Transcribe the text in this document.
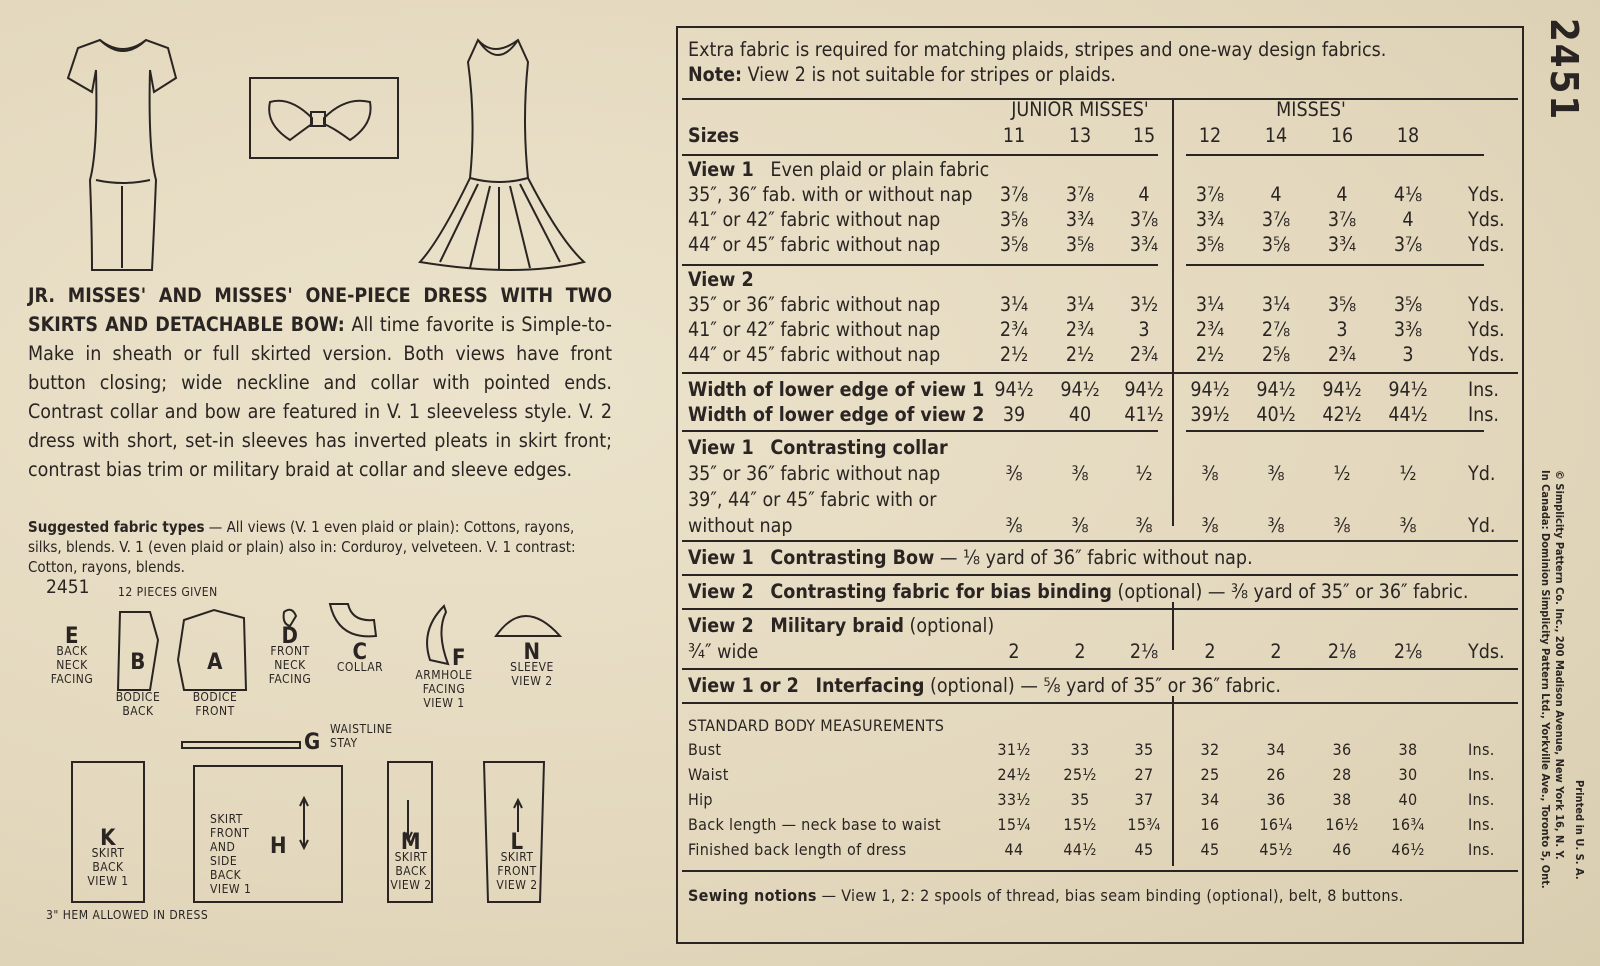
JR. MISSES' AND MISSES' ONE-PIECE DRESS WITH TWO SKIRTS AND DETACHABLE BOW: All time favorite is Simple-to-Make in sheath or full skirted version. Both views have front button closing; wide neckline and collar with pointed ends. Contrast collar and bow are featured in V. 1 sleeveless style. V. 2 dress with short, set-in sleeves has inverted pleats in skirt front; contrast bias trim or military braid at collar and sleeve edges.
Suggested fabric types — All views (V. 1 even plaid or plain): Cottons, rayons, silks, blends. V. 1 (even plaid or plain) also in: Corduroy, velveteen. V. 1 contrast: Cotton, rayons, blends.
2451 12 PIECES GIVEN
E
BACK
NECK
FACING
B
BODICE
BACK
A
BODICE
FRONT
D
FRONT
NECK
FACING
C
COLLAR
ARMHOLE
FACING
VIEW 1
F	N
SLEEVE
VIEW 2
G
WAISTLINE
STAY
K
SKIRT
BACK
VIEW 1
SKIRT
FRONT
AND
SIDE
BACK
VIEW 1
H	M
SKIRT
BACK
VIEW 2
L
SKIRT
FRONT
VIEW 2
3" HEM ALLOWED IN DRESS
Extra fabric is required for matching plaids, stripes and one-way design fabrics.
Note: View 2 is not suitable for stripes or plaids.
JUNIOR MISSES'	MISSES'
Sizes	11	13	15	12	14	16	18
View 1 Even plaid or plain fabric
35″, 36″ fab. with or without nap	3⅞	3⅞	4	3⅞	4	4	4⅛	Yds.
41″ or 42″ fabric without nap	3⅝	3¾	3⅞	3¾	3⅞	3⅞	4	Yds.
44″ or 45″ fabric without nap	3⅝	3⅝	3¾	3⅝	3⅝	3¾	3⅞	Yds.
View 2
35″ or 36″ fabric without nap	3¼	3¼	3½	3¼	3¼	3⅝	3⅝	Yds.
41″ or 42″ fabric without nap	2¾	2¾	3	2¾	2⅞	3	3⅜	Yds.
44″ or 45″ fabric without nap	2½	2½	2¾	2½	2⅝	2¾	3	Yds.
Width of lower edge of view 1 94½ 94½ 94½ 94½ 94½ 94½ 94½ Ins.
Width of lower edge of view 2 39	40	41½ 39½ 40½ 42½ 44½ Ins.
View 1 Contrasting collar
35″ or 36″ fabric without nap	⅜	⅜	½	⅜	⅜	½	½	Yd.
39″, 44″ or 45″ fabric with or
without nap	⅜	⅜	⅜	⅜	⅜	⅜	⅜	Yd.
View 1 Contrasting Bow — ⅛ yard of 36″ fabric without nap.
View 2 Contrasting fabric for bias binding (optional) — ⅜ yard of 35″ or 36″ fabric.
View 2 Military braid (optional)
¾″ wide	2	2	2⅛	2	2	2⅛	2⅛	Yds.
View 1 or 2 Interfacing (optional) — ⅝ yard of 35″ or 36″ fabric.
STANDARD BODY MEASUREMENTS
Bust	31½	33	35	32	34	36	38	Ins.
Waist	24½	25½	27	25	26	28	30	Ins.
Hip	33½	35	37	34	36	38	40	Ins.
Back length — neck base to waist	15¼	15½	15¾	16	16¼	16½	16¾	Ins.
Finished back length of dress	44	44½	45	45	45½	46	46½	Ins.
Sewing notions — View 1, 2: 2 spools of thread, bias seam binding (optional), belt, 8 buttons.
2451
© Simplicity Pattern Co. Inc., 200 Madison Avenue, New York 16, N. Y.
In Canada: Dominion Simplicity Pattern Ltd., Yorkville Ave., Toronto 5, Ont. Printed in U. S. A.
